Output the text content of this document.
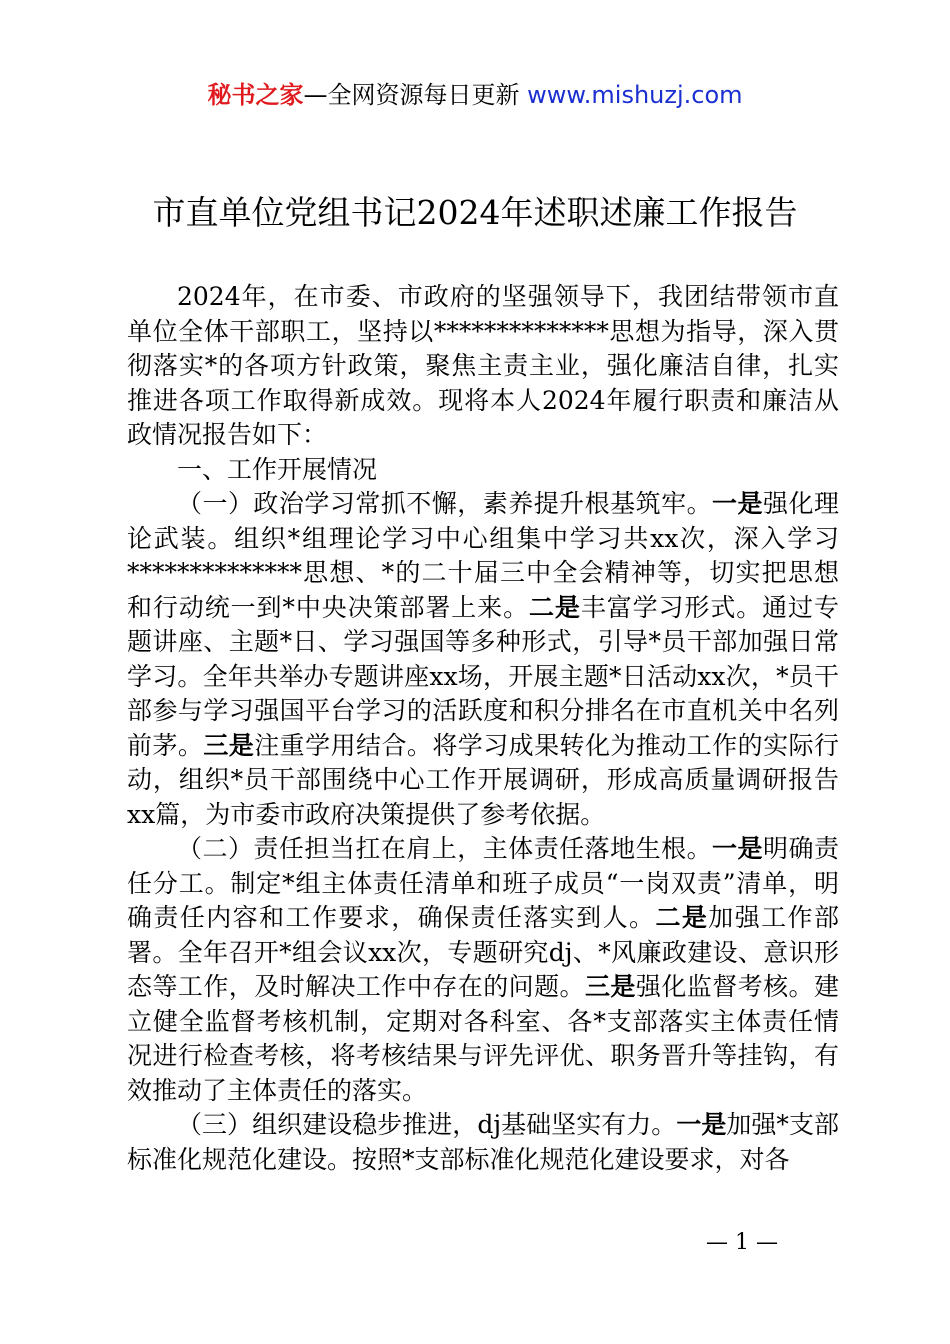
秘书之家—全网资源每日更新 www.mishuzj.com
市直单位党组书记2024年述职述廉工作报告

2024年，在市委、市政府的坚强领导下，我团结带领市直单位全体干部职工，坚持以**************思想为指导，深入贯彻落实*的各项方针政策，聚焦主责主业，强化廉洁自律，扎实推进各项工作取得新成效。现将本人2024年履行职责和廉洁从政情况报告如下：

一、工作开展情况

（一）政治学习常抓不懈，素养提升根基筑牢。一是强化理论武装。组织*组理论学习中心组集中学习共xx次，深入学习**************思想、*的二十届三中全会精神等，切实把思想和行动统一到*中央决策部署上来。二是丰富学习形式。通过专题讲座、主题*日、学习强国等多种形式，引导*员干部加强日常学习。全年共举办专题讲座xx场，开展主题*日活动xx次，*员干部参与学习强国平台学习的活跃度和积分排名在市直机关中名列前茅。三是注重学用结合。将学习成果转化为推动工作的实际行动，组织*员干部围绕中心工作开展调研，形成高质量调研报告xx篇，为市委市政府决策提供了参考依据。

（二）责任担当扛在肩上，主体责任落地生根。一是明确责任分工。制定*组主体责任清单和班子成员“一岗双责”清单，明确责任内容和工作要求，确保责任落实到人。二是加强工作部署。全年召开*组会议xx次，专题研究dj、*风廉政建设、意识形态等工作，及时解决工作中存在的问题。三是强化监督考核。建立健全监督考核机制，定期对各科室、各*支部落实主体责任情况进行检查考核，将考核结果与评先评优、职务晋升等挂钩，有效推动了主体责任的落实。

（三）组织建设稳步推进，dj基础坚实有力。一是加强*支部标准化规范化建设。按照*支部标准化规范化建设要求，对各

— 1 —
